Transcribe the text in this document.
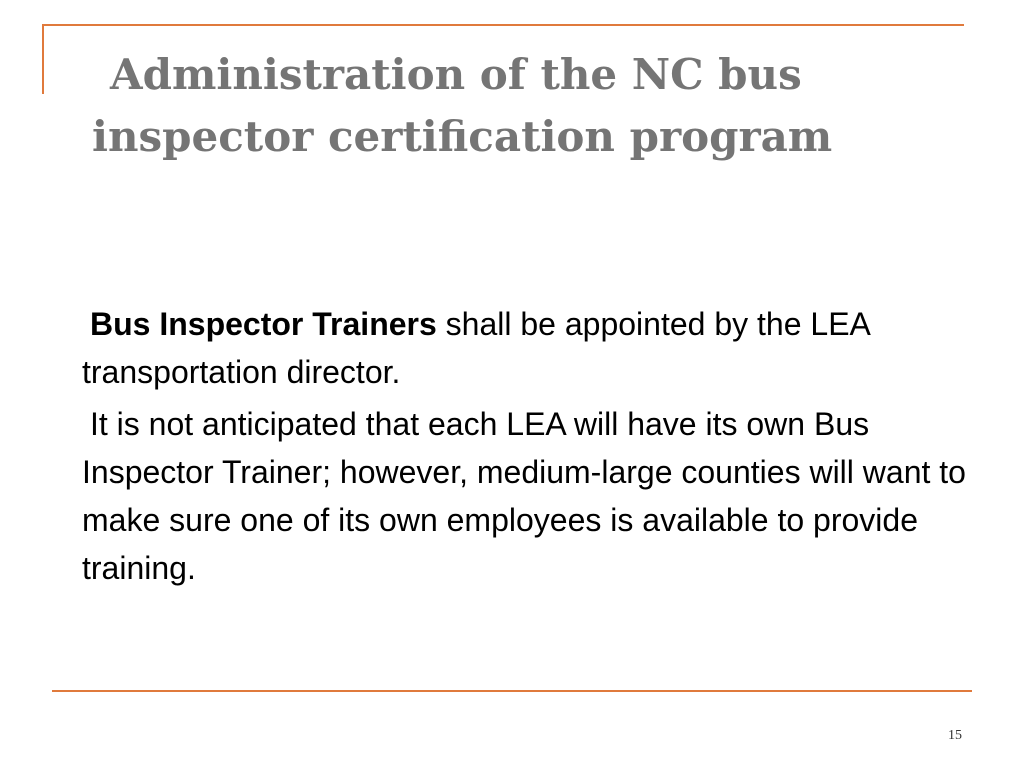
Administration of the NC bus
inspector certification program

Bus Inspector Trainers shall be appointed by the LEA transportation director.

It is not anticipated that each LEA will have its own Bus Inspector Trainer; however, medium-large counties will want to make sure one of its own employees is available to provide training.

15
